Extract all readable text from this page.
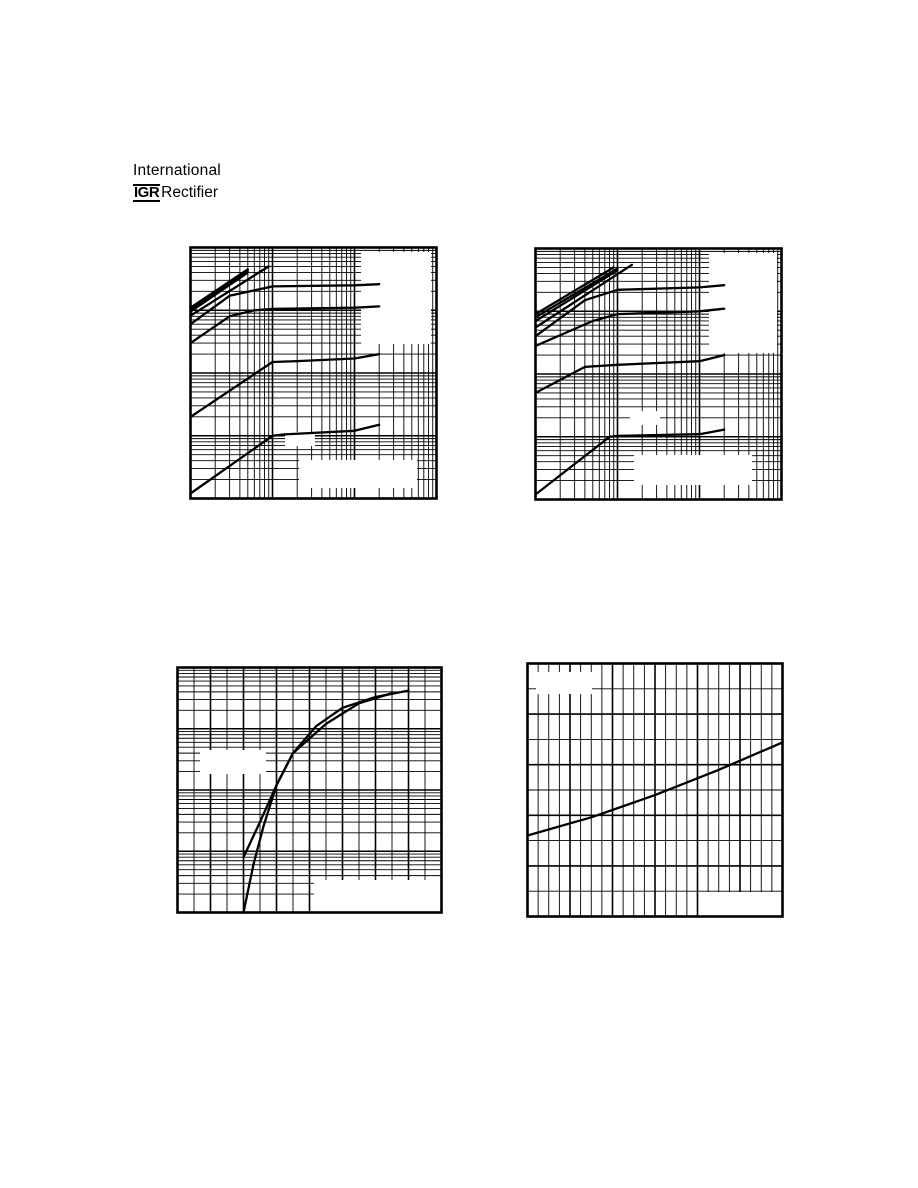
International
IGR Rectifier
